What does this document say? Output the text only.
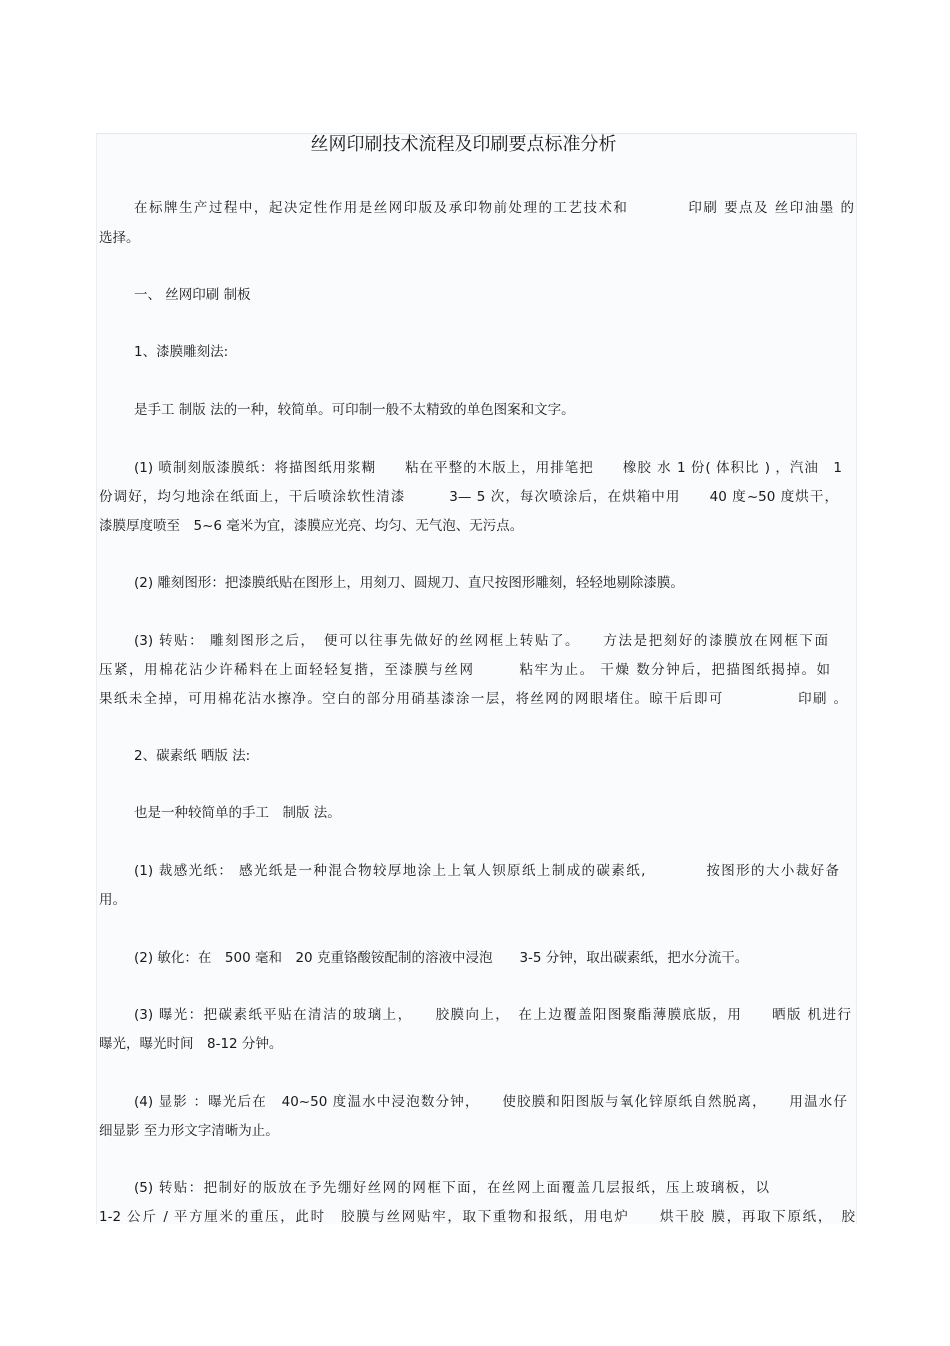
丝网印刷技术流程及印刷要点标准分析
在标牌生产过程中，起决定性作用是丝网印版及承印物前处理的工艺技术和　　　　印刷 要点及 丝印油墨 的
选择。
一、 丝网印刷 制板
1、漆膜雕刻法:
是手工 制版 法的一种，较简单。可印制一般不太精致的单色图案和文字。
(1) 喷制刻版漆膜纸：将描图纸用浆糊　　粘在平整的木版上，用排笔把　　橡胶 水 1 份( 体积比 ) ，汽油　1
份调好，均匀地涂在纸面上，干后喷涂软性清漆　　　3— 5 次，每次喷涂后，在烘箱中用　　40 度~50 度烘干，
漆膜厚度喷至　5~6 毫米为宜，漆膜应光亮、均匀、无气泡、无污点。
(2) 雕刻图形：把漆膜纸贴在图形上，用刻刀、圆规刀、直尺按图形雕刻，轻轻地剔除漆膜。
(3) 转贴： 雕刻图形之后，　便可以往事先做好的丝网框上转贴了。　　方法是把刻好的漆膜放在网框下面
压紧，用棉花沾少许稀料在上面轻轻复揩，至漆膜与丝网　　　粘牢为止。 干燥 数分钟后，把描图纸揭掉。如
果纸未全掉，可用棉花沾水擦净。空白的部分用硝基漆涂一层，将丝网的网眼堵住。晾干后即可　　　　　印刷 。
2、碳素纸 晒版 法:
也是一种较简单的手工　制版 法。
(1) 裁感光纸： 感光纸是一种混合物较厚地涂上上氧人钡原纸上制成的碳素纸,　　　　按图形的大小裁好备
用。
(2) 敏化：在　500 毫和　20 克重铬酸铵配制的溶液中浸泡　　3-5 分钟，取出碳素纸，把水分流干。
(3) 曝光：把碳素纸平贴在清洁的玻璃上，　　胶膜向上，　在上边覆盖阳图聚酯薄膜底版，用　　晒版 机进行
曝光，曝光时间　8-12 分钟。
(4) 显影 ：曝光后在　40~50 度温水中浸泡数分钟，　　使胶膜和阳图版与氧化锌原纸自然脱离，　　用温水仔
细显影 至力形文字清晰为止。
(5) 转贴：把制好的版放在予先绷好丝网的网框下面，在丝网上面覆盖几层报纸，压上玻璃板，以
1-2 公斤 / 平方厘米的重压，此时　胶膜与丝网贴牢，取下重物和报纸，用电炉　　烘干胶 膜，再取下原纸，　胶
